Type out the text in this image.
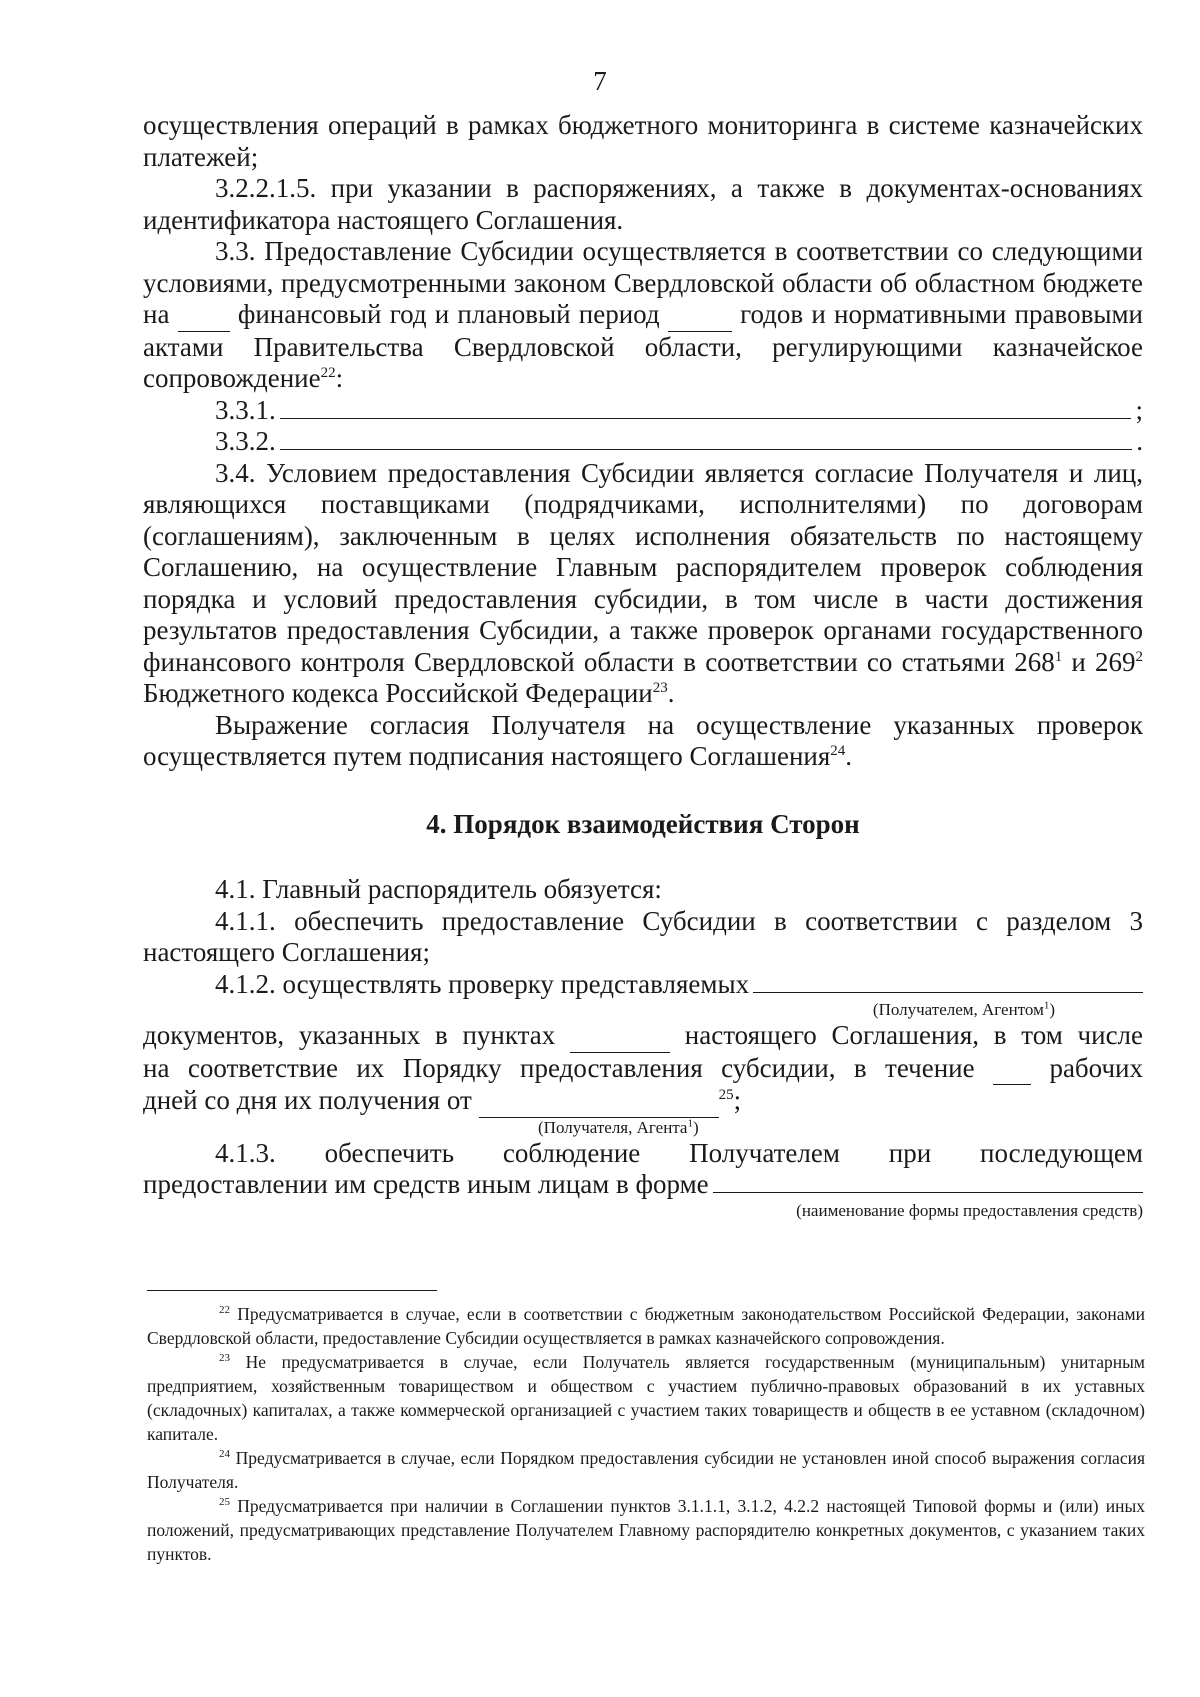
7

осуществления операций в рамках бюджетного мониторинга в системе казначейских платежей;

3.2.2.1.5. при указании в распоряжениях, а также в документах-основаниях идентификатора настоящего Соглашения.

3.3. Предоставление Субсидии осуществляется в соответствии со следующими условиями, предусмотренными законом Свердловской области об областном бюджете на	финансовый год и плановый период	годов и нормативными правовыми актами Правительства Свердловской области, регулирующими казначейское сопровождение$^{22}$:

3.3.1.	;
3.3.2.	.

3.4. Условием предоставления Субсидии является согласие Получателя и лиц, являющихся поставщиками (подрядчиками, исполнителями) по договорам (соглашениям), заключенным в целях исполнения обязательств по настоящему Соглашению, на осуществление Главным распорядителем проверок соблюдения порядка и условий предоставления субсидии, в том числе в части достижения результатов предоставления Субсидии, а также проверок органами государственного финансового контроля Свердловской области в соответствии со статьями $268^1$ и $269^2$ Бюджетного кодекса Российской Федерации$^{23}$.

Выражение согласия Получателя на осуществление указанных проверок осуществляется путем подписания настоящего Соглашения$^{24}$.

4. Порядок взаимодействия Сторон

4.1. Главный распорядитель обязуется:

4.1.1. обеспечить предоставление Субсидии в соответствии с разделом 3 настоящего Соглашения;

4.1.2. осуществлять проверку представляемых
(Получателем, Агентом$^1$)
документов, указанных в пунктах	настоящего Соглашения, в том числе
на соответствие их Порядку предоставления субсидии, в течение	рабочих
дней со дня их получения от	$^{25}$;
(Получателя, Агента$^1$)
4.1.3. обеспечить соблюдение Получателем при последующем
предоставлении им средств иным лицам в форме
(наименование формы предоставления средств)

$^{22}$ Предусматривается в случае, если в соответствии с бюджетным законодательством Российской Федерации, законами Свердловской области, предоставление Субсидии осуществляется в рамках казначейского сопровождения.

$^{23}$ Не предусматривается в случае, если Получатель является государственным (муниципальным) унитарным предприятием, хозяйственным товариществом и обществом с участием публично-правовых образований в их уставных (складочных) капиталах, а также коммерческой организацией с участием таких товариществ и обществ в ее уставном (складочном) капитале.

$^{24}$ Предусматривается в случае, если Порядком предоставления субсидии не установлен иной способ выражения согласия Получателя.

$^{25}$ Предусматривается при наличии в Соглашении пунктов 3.1.1.1, 3.1.2, 4.2.2 настоящей Типовой формы и (или) иных положений, предусматривающих представление Получателем Главному распорядителю конкретных документов, с указанием таких пунктов.
